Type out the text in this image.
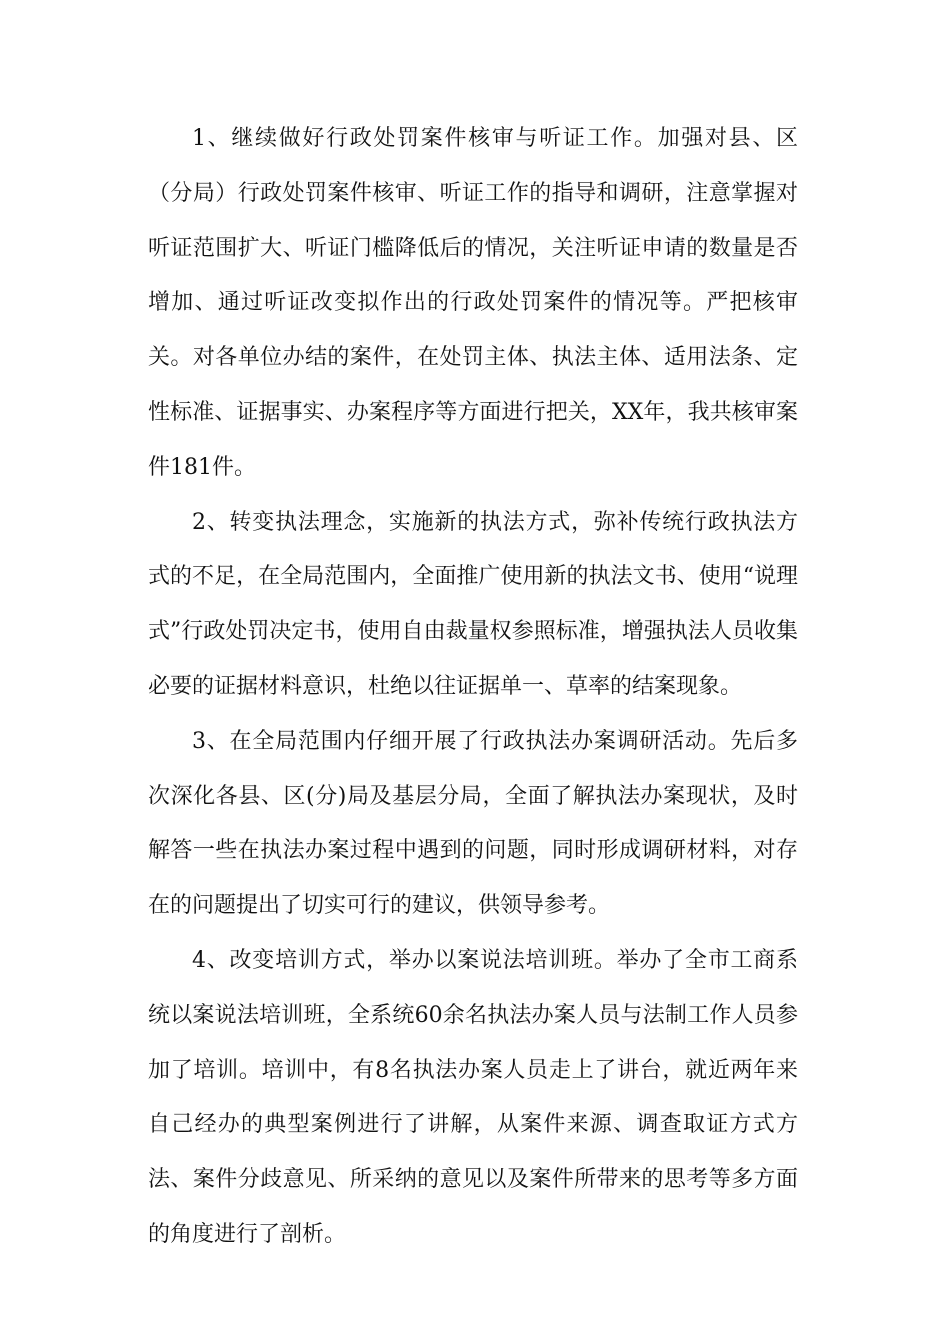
1、继续做好行政处罚案件核审与听证工作。加强对县、区（分局）行政处罚案件核审、听证工作的指导和调研，注意掌握对听证范围扩大、听证门槛降低后的情况，关注听证申请的数量是否增加、通过听证改变拟作出的行政处罚案件的情况等。严把核审关。对各单位办结的案件，在处罚主体、执法主体、适用法条、定性标准、证据事实、办案程序等方面进行把关，XX年，我共核审案件181件。

2、转变执法理念，实施新的执法方式，弥补传统行政执法方式的不足，在全局范围内，全面推广使用新的执法文书、使用“说理式”行政处罚决定书，使用自由裁量权参照标准，增强执法人员收集必要的证据材料意识，杜绝以往证据单一、草率的结案现象。

3、在全局范围内仔细开展了行政执法办案调研活动。先后多次深化各县、区(分)局及基层分局，全面了解执法办案现状，及时解答一些在执法办案过程中遇到的问题，同时形成调研材料，对存在的问题提出了切实可行的建议，供领导参考。

4、改变培训方式，举办以案说法培训班。举办了全市工商系统以案说法培训班，全系统60余名执法办案人员与法制工作人员参加了培训。培训中，有8名执法办案人员走上了讲台，就近两年来自己经办的典型案例进行了讲解，从案件来源、调查取证方式方法、案件分歧意见、所采纳的意见以及案件所带来的思考等多方面的角度进行了剖析。
